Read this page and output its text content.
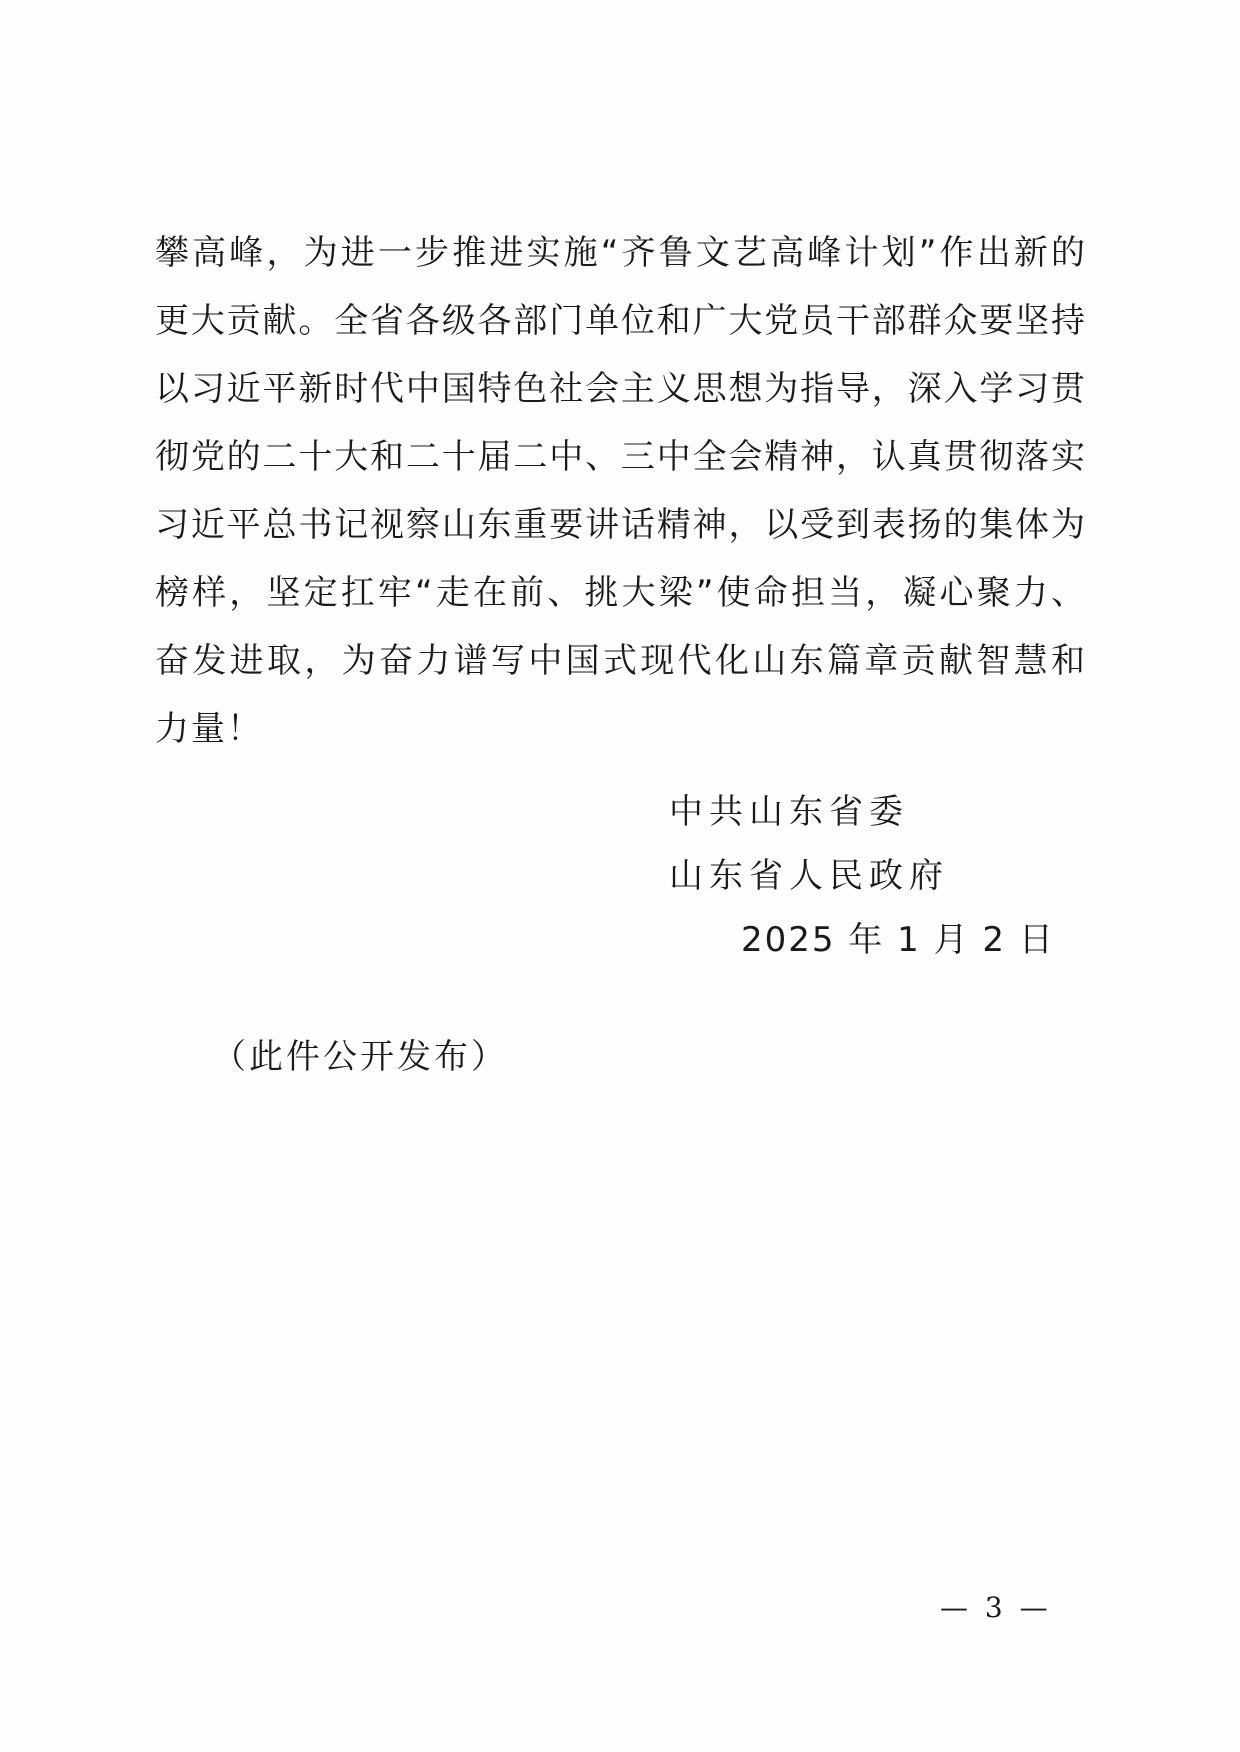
攀高峰，为进一步推进实施“齐鲁文艺高峰计划”作出新的
更大贡献。全省各级各部门单位和广大党员干部群众要坚持
以习近平新时代中国特色社会主义思想为指导，深入学习贯
彻党的二十大和二十届二中、三中全会精神，认真贯彻落实
习近平总书记视察山东重要讲话精神，以受到表扬的集体为
榜样，坚定扛牢“走在前、挑大梁”使命担当，凝心聚力、
奋发进取，为奋力谱写中国式现代化山东篇章贡献智慧和
力量！
中共山东省委
山东省人民政府
2025 年 1 月 2 日
（此件公开发布）
— 3 —
